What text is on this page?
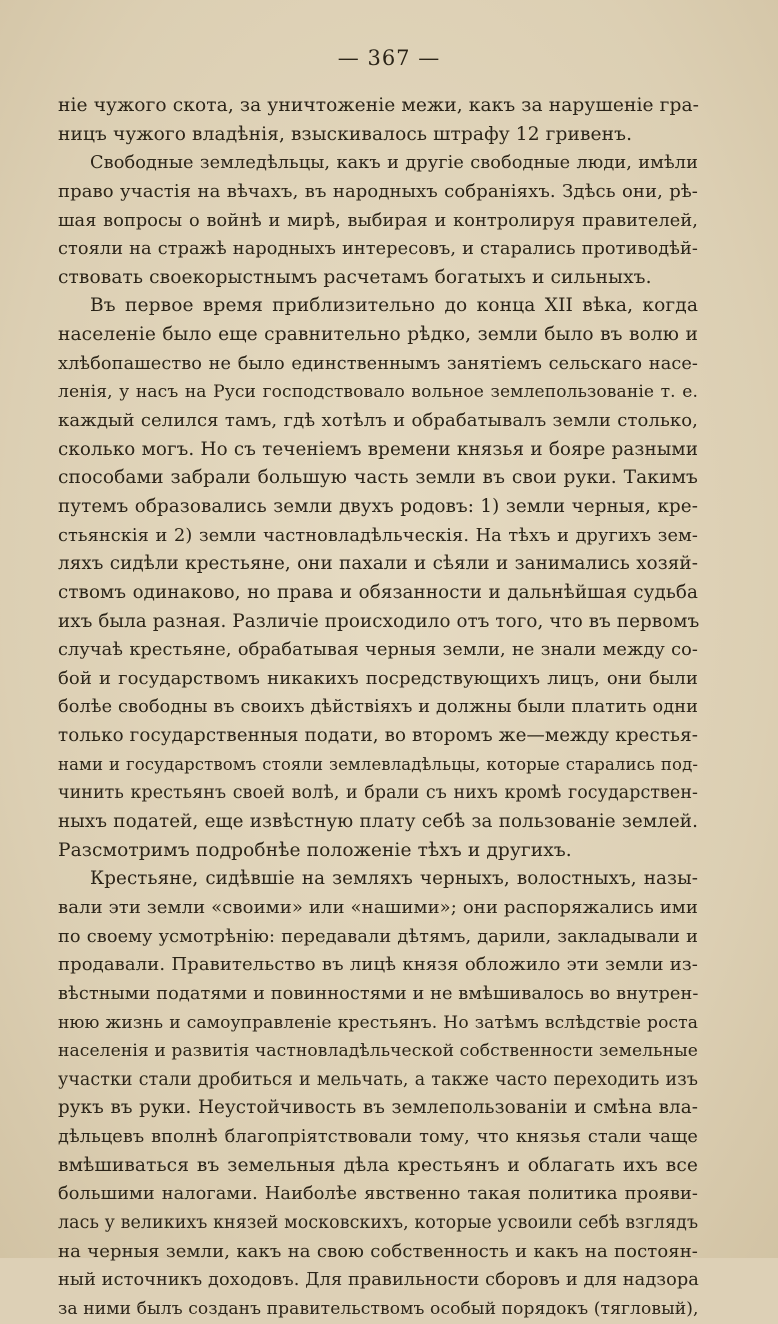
— 367 —
ніе чужого скота, за уничтоженіе межи, какъ за нарушеніе гра-
ницъ чужого владѣнія, взыскивалось штрафу 12 гривенъ.
Свободные земледѣльцы, какъ и другіе свободные люди, имѣли
право участія на вѣчахъ, въ народныхъ собраніяхъ. Здѣсь они, рѣ-
шая вопросы о войнѣ и мирѣ, выбирая и контролируя правителей,
стояли на стражѣ народныхъ интересовъ, и старались противодѣй-
ствовать своекорыстнымъ расчетамъ богатыхъ и сильныхъ.
Въ первое время приблизительно до конца XII вѣка, когда
населеніе было еще сравнительно рѣдко, земли было въ волю и
хлѣбопашество не было единственнымъ занятіемъ сельскаго насе-
ленія, у насъ на Руси господствовало вольное землепользованіе т. е.
каждый селился тамъ, гдѣ хотѣлъ и обрабатывалъ земли столько,
сколько могъ. Но съ теченіемъ времени князья и бояре разными
способами забрали большую часть земли въ свои руки. Такимъ
путемъ образовались земли двухъ родовъ: 1) земли черныя, кре-
стьянскія и 2) земли частновладѣльческія. На тѣхъ и другихъ зем-
ляхъ сидѣли крестьяне, они пахали и сѣяли и занимались хозяй-
ствомъ одинаково, но права и обязанности и дальнѣйшая судьба
ихъ была разная. Различіе происходило отъ того, что въ первомъ
случаѣ крестьяне, обрабатывая черныя земли, не знали между со-
бой и государствомъ никакихъ посредствующихъ лицъ, они были
болѣе свободны въ своихъ дѣйствіяхъ и должны были платить одни
только государственныя подати, во второмъ же—между крестья-
нами и государствомъ стояли землевладѣльцы, которые старались под-
чинить крестьянъ своей волѣ, и брали съ нихъ кромѣ государствен-
ныхъ податей, еще извѣстную плату себѣ за пользованіе землей.
Разсмотримъ подробнѣе положеніе тѣхъ и другихъ.
Крестьяне, сидѣвшіе на земляхъ черныхъ, волостныхъ, назы-
вали эти земли «своими» или «нашими»; они распоряжались ими
по своему усмотрѣнію: передавали дѣтямъ, дарили, закладывали и
продавали. Правительство въ лицѣ князя обложило эти земли из-
вѣстными податями и повинностями и не вмѣшивалось во внутрен-
нюю жизнь и самоуправленіе крестьянъ. Но затѣмъ вслѣдствіе роста
населенія и развитія частновладѣльческой собственности земельные
участки стали дробиться и мельчать, а также часто переходить изъ
рукъ въ руки. Неустойчивость въ землепользованіи и смѣна вла-
дѣльцевъ вполнѣ благопріятствовали тому, что князья стали чаще
вмѣшиваться въ земельныя дѣла крестьянъ и облагать ихъ все
большими налогами. Наиболѣе явственно такая политика прояви-
лась у великихъ князей московскихъ, которые усвоили себѣ взглядъ
на черныя земли, какъ на свою собственность и какъ на постоян-
ный источникъ доходовъ. Для правильности сборовъ и для надзора
за ними былъ созданъ правительствомъ особый порядокъ (тягловый),
